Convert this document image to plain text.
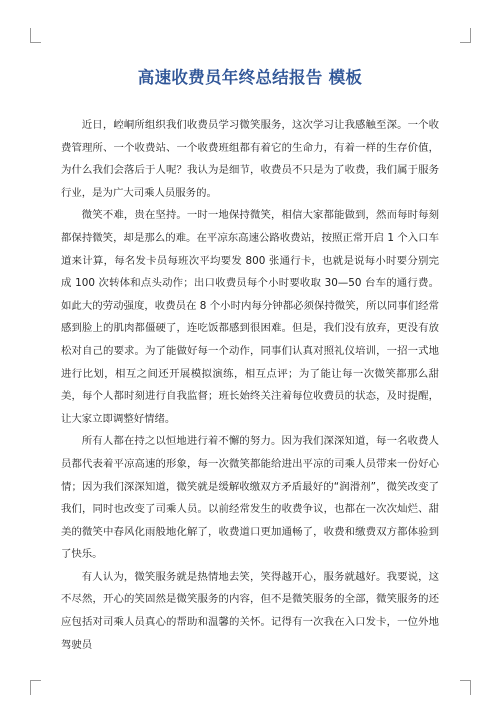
高速收费员年终总结报告 模板

近日，崆峒所组织我们收费员学习微笑服务，这次学习让我感触至深。一个收费管理所、一个收费站、一个收费班组都有着它的生命力，有着一样的生存价值，为什么我们会落后于人呢？我认为是细节，收费员不只是为了收费，我们属于服务行业，是为广大司乘人员服务的。

微笑不难，贵在坚持。一时一地保持微笑，相信大家都能做到，然而每时每刻都保持微笑，却是那么的难。在平凉东高速公路收费站，按照正常开启 1 个入口车道来计算，每名发卡员每班次平均要发 800 张通行卡，也就是说每小时要分别完成 100 次转体和点头动作；出口收费员每个小时要收取 30—50 台车的通行费。如此大的劳动强度，收费员在 8 个小时内每分钟都必须保持微笑，所以同事们经常感到脸上的肌肉都僵硬了，连吃饭都感到很困难。但是，我们没有放弃，更没有放松对自己的要求。为了能做好每一个动作，同事们认真对照礼仪培训，一招一式地进行比划，相互之间还开展模拟演练，相互点评；为了能让每一次微笑都那么甜美，每个人都时刻进行自我监督；班长始终关注着每位收费员的状态，及时提醒，让大家立即调整好情绪。

所有人都在持之以恒地进行着不懈的努力。因为我们深深知道，每一名收费人员都代表着平凉高速的形象，每一次微笑都能给进出平凉的司乘人员带来一份好心情；因为我们深深知道，微笑就是缓解收缴双方矛盾最好的“润滑剂”，微笑改变了我们，同时也改变了司乘人员。以前经常发生的收费争议，也都在一次次灿烂、甜美的微笑中春风化雨般地化解了，收费道口更加通畅了，收费和缴费双方都体验到了快乐。

有人认为，微笑服务就是热情地去笑，笑得越开心，服务就越好。我要说，这不尽然，开心的笑固然是微笑服务的内容，但不是微笑服务的全部，微笑服务的还应包括对司乘人员真心的帮助和温馨的关怀。记得有一次我在入口发卡，一位外地驾驶员
